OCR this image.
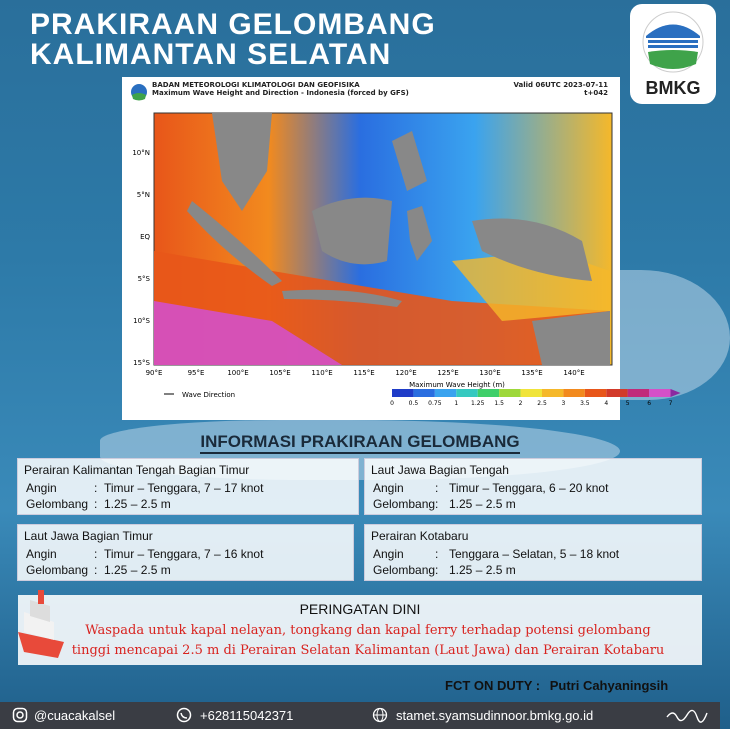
PRAKIRAAN GELOMBANG
KALIMANTAN SELATAN
BMKG
BADAN METEOROLOGI KLIMATOLOGI DAN GEOFISIKA
Maximum Wave Height and Direction - Indonesia (forced by GFS)
Valid 06UTC 2023-07-11
t+042
10°N
5°N
EQ
5°S
10°S
15°S
90°E	95°E	100°E	105°E	110°E	115°E	120°E	125°E	130°E	135°E	140°E
Wave Direction
Maximum Wave Height (m)
0 0.5 0.75 1 1.25 1.5 2 2.5 3 3.5 4	5	6	7
INFORMASI PRAKIRAAN GELOMBANG
Perairan Kalimantan Tengah Bagian Timur
Angin	: Timur – Tenggara, 7 – 17 knot
Gelombang : 1.25 – 2.5 m
Laut Jawa Bagian Tengah
Angin	: Timur – Tenggara, 6 – 20 knot
Gelombang : 1.25 – 2.5 m
Laut Jawa Bagian Timur
Angin	: Timur – Tenggara, 7 – 16 knot
Gelombang : 1.25 – 2.5 m
Perairan Kotabaru
Angin	: Tenggara – Selatan, 5 – 18 knot
Gelombang : 1.25 – 2.5 m
PERINGATAN DINI
Waspada untuk kapal nelayan, tongkang dan kapal ferry terhadap potensi gelombang
tinggi mencapai 2.5 m di Perairan Selatan Kalimantan (Laut Jawa) dan Perairan Kotabaru
FCT ON DUTY : Putri Cahyaningsih
@cuacakalsel	+628115042371	stamet.syamsudinnoor.bmkg.go.id
